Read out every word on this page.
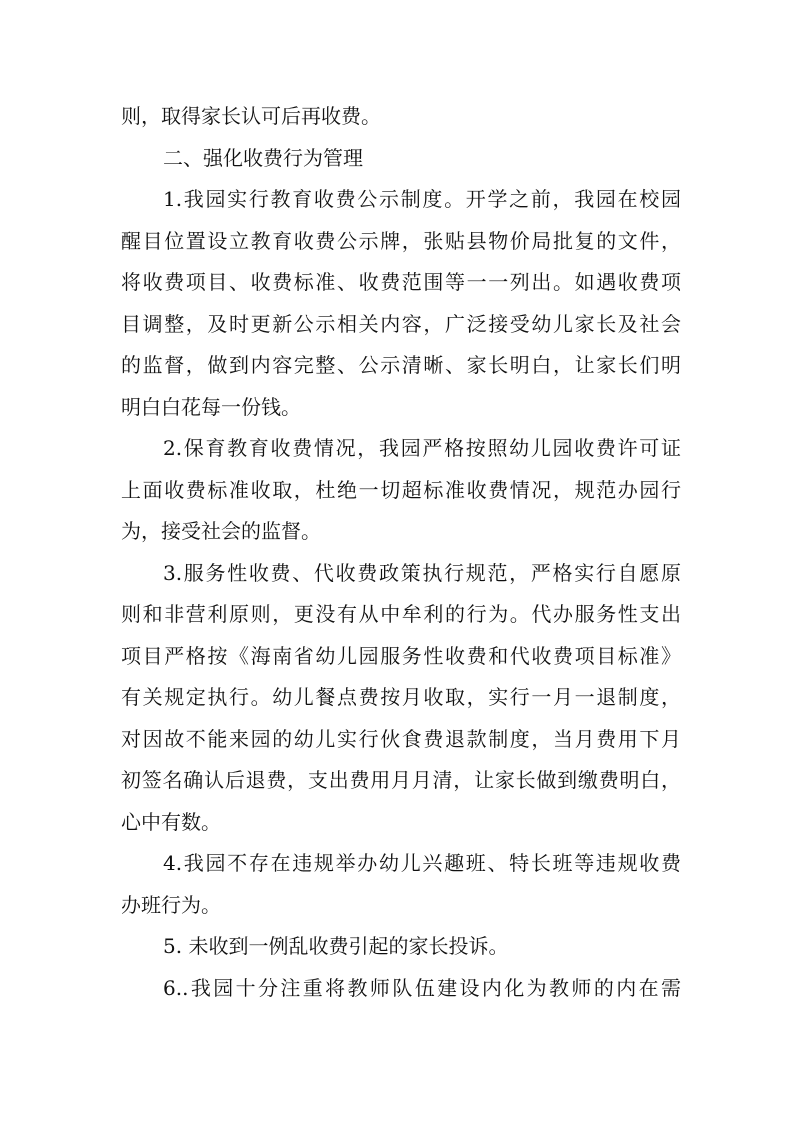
则，取得家长认可后再收费。
二、强化收费行为管理
1.我园实行教育收费公示制度。开学之前，我园在校园
醒目位置设立教育收费公示牌，张贴县物价局批复的文件，
将收费项目、收费标准、收费范围等一一列出。如遇收费项
目调整，及时更新公示相关内容，广泛接受幼儿家长及社会
的监督，做到内容完整、公示清晰、家长明白，让家长们明
明白白花每一份钱。
2.保育教育收费情况，我园严格按照幼儿园收费许可证
上面收费标准收取，杜绝一切超标准收费情况，规范办园行
为，接受社会的监督。
3.服务性收费、代收费政策执行规范，严格实行自愿原
则和非营利原则，更没有从中牟利的行为。代办服务性支出
项目严格按《海南省幼儿园服务性收费和代收费项目标准》
有关规定执行。幼儿餐点费按月收取，实行一月一退制度，
对因故不能来园的幼儿实行伙食费退款制度，当月费用下月
初签名确认后退费，支出费用月月清，让家长做到缴费明白，
心中有数。
4.我园不存在违规举办幼儿兴趣班、特长班等违规收费
办班行为。
5. 未收到一例乱收费引起的家长投诉。
6..我园十分注重将教师队伍建设内化为教师的内在需
